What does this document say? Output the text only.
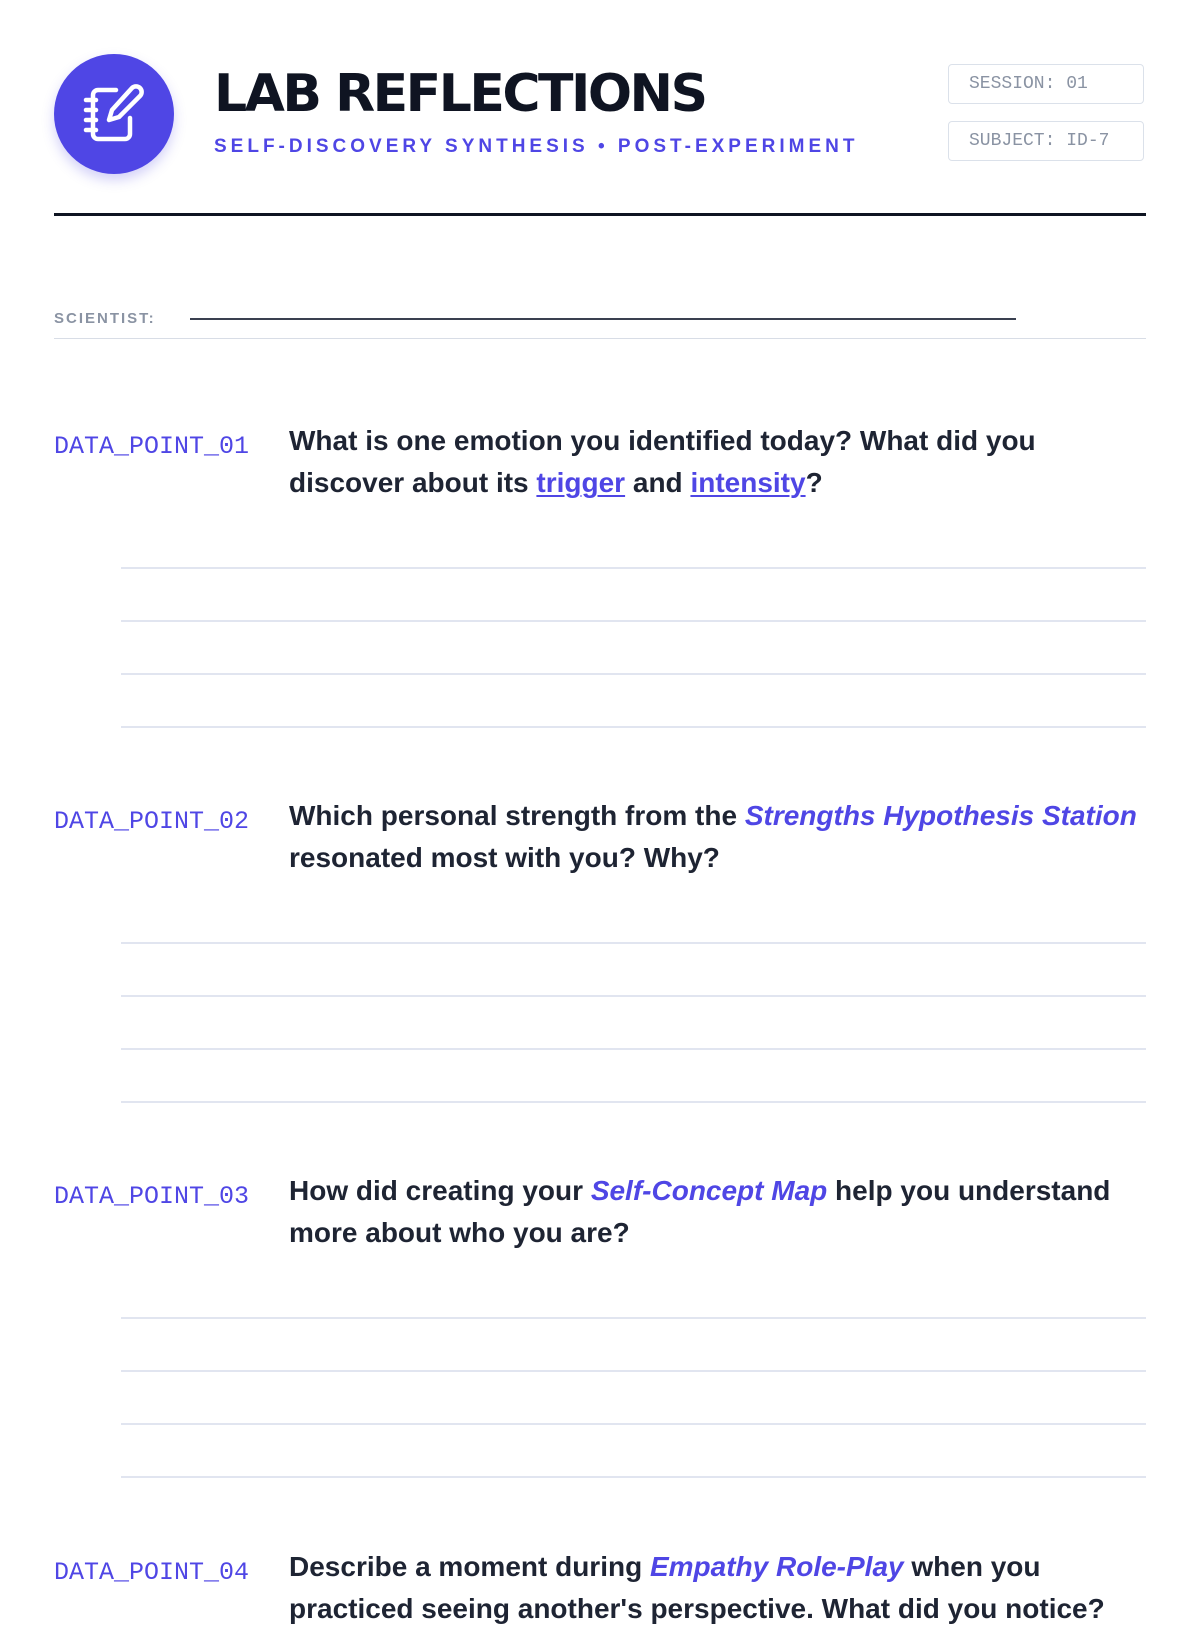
LAB REFLECTIONS
SELF-DISCOVERY SYNTHESIS • POST-EXPERIMENT
SESSION: 01
SUBJECT: ID-7
SCIENTIST:
DATA_POINT_01 What is one emotion you identified today? What did you discover about its trigger and intensity?
DATA_POINT_02 Which personal strength from the Strengths Hypothesis Station resonated most with you? Why?
DATA_POINT_03 How did creating your Self-Concept Map help you understand more about who you are?
DATA_POINT_04 Describe a moment during Empathy Role-Play when you practiced seeing another's perspective. What did you notice?
